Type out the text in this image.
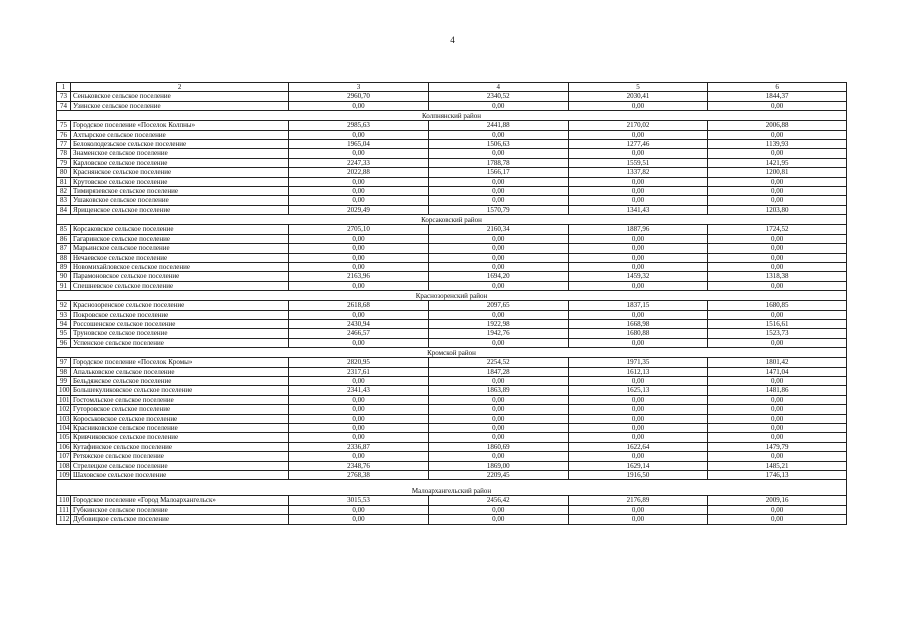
4
1	2	3	4	5	6
73	Сеньковское сельское поселение	2960,70	2340,52	2030,41	1844,37
74	Узинское сельское поселение	0,00	0,00	0,00	0,00
Колпнянский район					
75	Городское поселение «Поселок Колпны»	2985,63	2441,88	2170,02	2006,88
76	Ахтырское сельское поселение	0,00	0,00	0,00	0,00
77	Белоколодезьское сельское поселение	1965,04	1506,63	1277,46	1139,93
78	Знаменское сельское поселение	0,00	0,00	0,00	0,00
79	Карловское сельское поселение	2247,33	1788,78	1559,51	1421,95
80	Краснянское сельское поселение	2022,88	1566,17	1337,82	1200,81
81	Крутовское сельское поселение	0,00	0,00	0,00	0,00
82	Тимирязевское сельское поселение	0,00	0,00	0,00	0,00
83	Ушаковское сельское поселение	0,00	0,00	0,00	0,00
84	Ярищенское сельское поселение	2029,49	1570,79	1341,43	1203,80
Корсаковский район					
85	Корсаковское сельское поселение	2705,10	2160,34	1887,96	1724,52
86	Гагаринское сельское поселение	0,00	0,00	0,00	0,00
87	Марьинское сельское поселение	0,00	0,00	0,00	0,00
88	Нечаевское сельское поселение	0,00	0,00	0,00	0,00
89	Новомихайловское сельское поселение	0,00	0,00	0,00	0,00
90	Парамоновское сельское поселение	2163,96	1694,20	1459,32	1318,38
91	Спешневское сельское поселение	0,00	0,00	0,00	0,00
Краснозоренский район					
92	Краснозоренское сельское поселение	2618,68	2097,65	1837,15	1680,85
93	Покровское сельское поселение	0,00	0,00	0,00	0,00
94	Россошенское сельское поселение	2430,94	1922,98	1668,98	1516,61
95	Труновское сельское поселение	2466,57	1942,76	1680,88	1523,73
96	Успенское сельское поселение	0,00	0,00	0,00	0,00
Кромской район					
97	Городское поселение «Поселок Кромы»	2820,95	2254,52	1971,35	1801,42
98	Апальковское сельское поселение	2317,61	1847,28	1612,13	1471,04
99	Бельдяжское сельское поселение	0,00	0,00	0,00	0,00
100	Большекуликовское сельское поселение	2341,43	1863,89	1625,13	1481,86
101	Гостомльское сельское поселение	0,00	0,00	0,00	0,00
102	Гуторовское сельское поселение	0,00	0,00	0,00	0,00
103	Короськовское сельское поселение	0,00	0,00	0,00	0,00
104	Красниковское сельское поселение	0,00	0,00	0,00	0,00
105	Кривчиковское сельское поселение	0,00	0,00	0,00	0,00
106	Кутафинское сельское поселение	2336,87	1860,69	1622,64	1479,79
107	Ретяжское сельское поселение	0,00	0,00	0,00	0,00
108	Стрелецкое сельское поселение	2348,76	1869,00	1629,14	1485,21
109	Шаховское сельское поселение	2768,38	2209,45	1916,50	1746,13
Малоархангельский район					
110	Городское поселение «Город Малоархангельск»	3015,53	2456,42	2176,89	2009,16
111	Губкинское сельское поселение	0,00	0,00	0,00	0,00
112	Дубовицкое сельское поселение	0,00	0,00	0,00	0,00
